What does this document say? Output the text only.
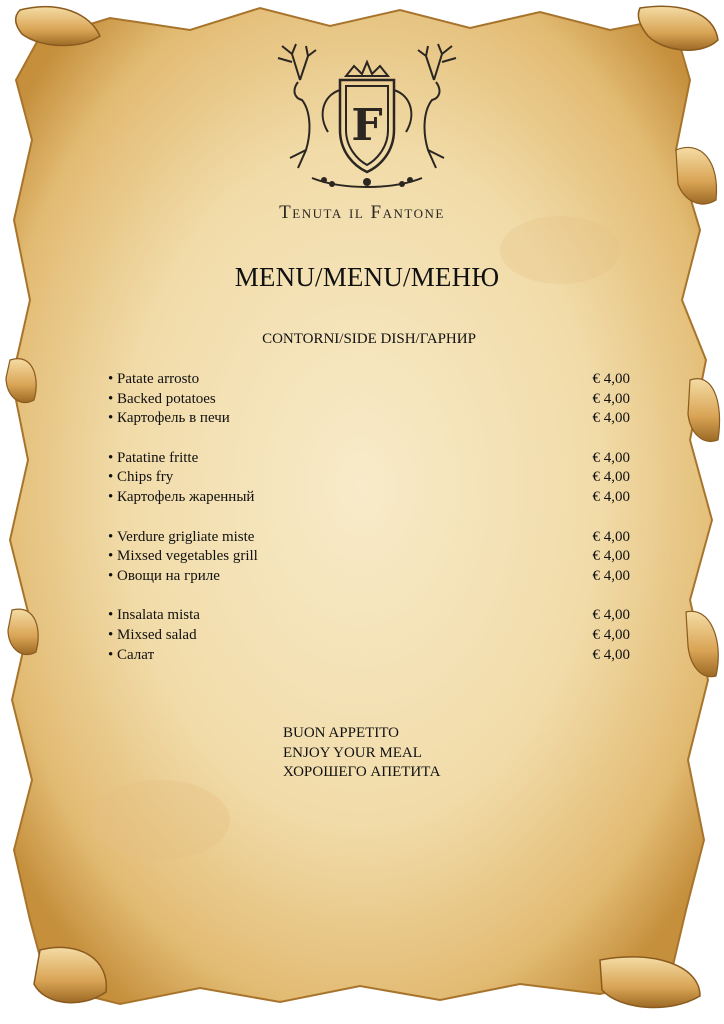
F
Tenuta il Fantone
MENU/MENU/МЕНЮ
CONTORNI/SIDE DISH/ГАРНИР
• Patate arrosto	€ 4,00
• Backed potatoes	€ 4,00
• Картофель в печи	€ 4,00
• Patatine fritte	€ 4,00
• Chips fry	€ 4,00
• Картофель жаренный	€ 4,00
• Verdure grigliate miste	€ 4,00
• Mixsed vegetables grill	€ 4,00
• Овощи на гриле	€ 4,00
• Insalata mista	€ 4,00
• Mixsed salad	€ 4,00
• Салат	€ 4,00
BUON APPETITO
ENJOY YOUR MEAL
ХОРОШЕГО АПЕТИТА
